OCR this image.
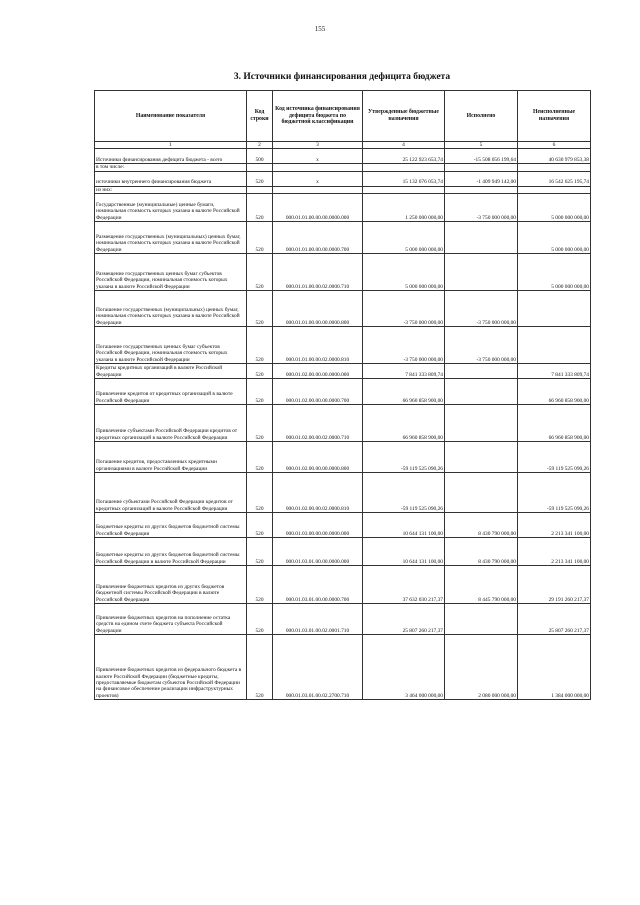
155
3. Источники финансирования дефицита бюджета
Наименование показателя	Код строки	Код источника финансирования дефицита бюджета по бюджетной классификации	Утвержденные бюджетные назначения	Исполнено	Неисполненные назначения
1	2	3	4	5	6
Источники финансирования дефицита бюджета - всего	500	x	25 122 923 653,74	-15 508 056 199,64	40 630 979 853,38
в том числе:					
источники внутреннего финансирования бюджета	520	x	15 132 676 053,74	-1 409 949 142,00	16 542 625 195,74
из них:					
Государственные (муниципальные) ценные бумаги, номинальная стоимость которых указана в валюте Российской Федерации	520	000.01.01.00.00.00.0000.000	1 250 000 000,00	-3 750 000 000,00	5 000 000 000,00
Размещение государственных (муниципальных) ценных бумаг, номинальная стоимость которых указана в валюте Российской Федерации	520	000.01.01.00.00.00.0000.700	5 000 000 000,00		5 000 000 000,00
Размещение государственных ценных бумаг субъектов Российской Федерации, номинальная стоимость которых указана в валюте Российской Федерации	520	000.01.01.00.00.02.0000.710	5 000 000 000,00		5 000 000 000,00
Погашение государственных (муниципальных) ценных бумаг, номинальная стоимость которых указана в валюте Российской Федерации	520	000.01.01.00.00.00.0000.800	-3 750 000 000,00	-3 750 000 000,00	
Погашение государственных ценных бумаг субъектов Российской Федерации, номинальная стоимость которых указана в валюте Российской Федерации	520	000.01.01.00.00.02.0000.810	-3 750 000 000,00	-3 750 000 000,00	
Кредиты кредитных организаций в валюте Российской Федерации	520	000.01.02.00.00.00.0000.000	7 841 333 809,74		7 841 333 809,74
Привлечение кредитов от кредитных организаций в валюте Российской Федерации	520	000.01.02.00.00.00.0000.700	66 960 858 900,00		66 960 858 900,00
Привлечение субъектами Российской Федерации кредитов от кредитных организаций в валюте Российской Федерации	520	000.01.02.00.00.02.0000.710	66 960 858 900,00		66 960 858 900,00
Погашение кредитов, предоставленных кредитными организациями в валюте Российской Федерации	520	000.01.02.00.00.00.0000.800	-59 119 525 090,26		-59 119 525 090,26
Погашение субъектами Российской Федерации кредитов от кредитных организаций в валюте Российской Федерации	520	000.01.02.00.00.02.0000.810	-59 119 525 090,26		-59 119 525 090,26
Бюджетные кредиты из других бюджетов бюджетной системы Российской Федерации	520	000.01.03.00.00.00.0000.000	10 644 131 100,00	8 430 790 000,00	2 213 341 100,00
Бюджетные кредиты из других бюджетов бюджетной системы Российской Федерации в валюте Российской Федерации	520	000.01.03.01.00.00.0000.000	10 644 131 100,00	8 430 790 000,00	2 213 341 100,00
Привлечение бюджетных кредитов из других бюджетов бюджетной системы Российской Федерации в валюте Российской Федерации	520	000.01.03.01.00.00.0000.700	37 632 030 217,37	8 445 790 000,00	29 191 260 217,37
Привлечение бюджетных кредитов на пополнение остатка средств на едином счете бюджета субъекта Российской Федерации	520	000.01.03.01.00.02.0001.710	25 807 260 217,37		25 807 260 217,37
Привлечение бюджетных кредитов из федерального бюджета в валюте Российской Федерации (бюджетные кредиты, предоставляемые бюджетам субъектов Российской Федерации на финансовое обеспечение реализации инфраструктурных проектов)	520	000.01.03.01.00.02.2700.710	3 464 000 000,00	2 080 000 000,00	1 384 000 000,00
